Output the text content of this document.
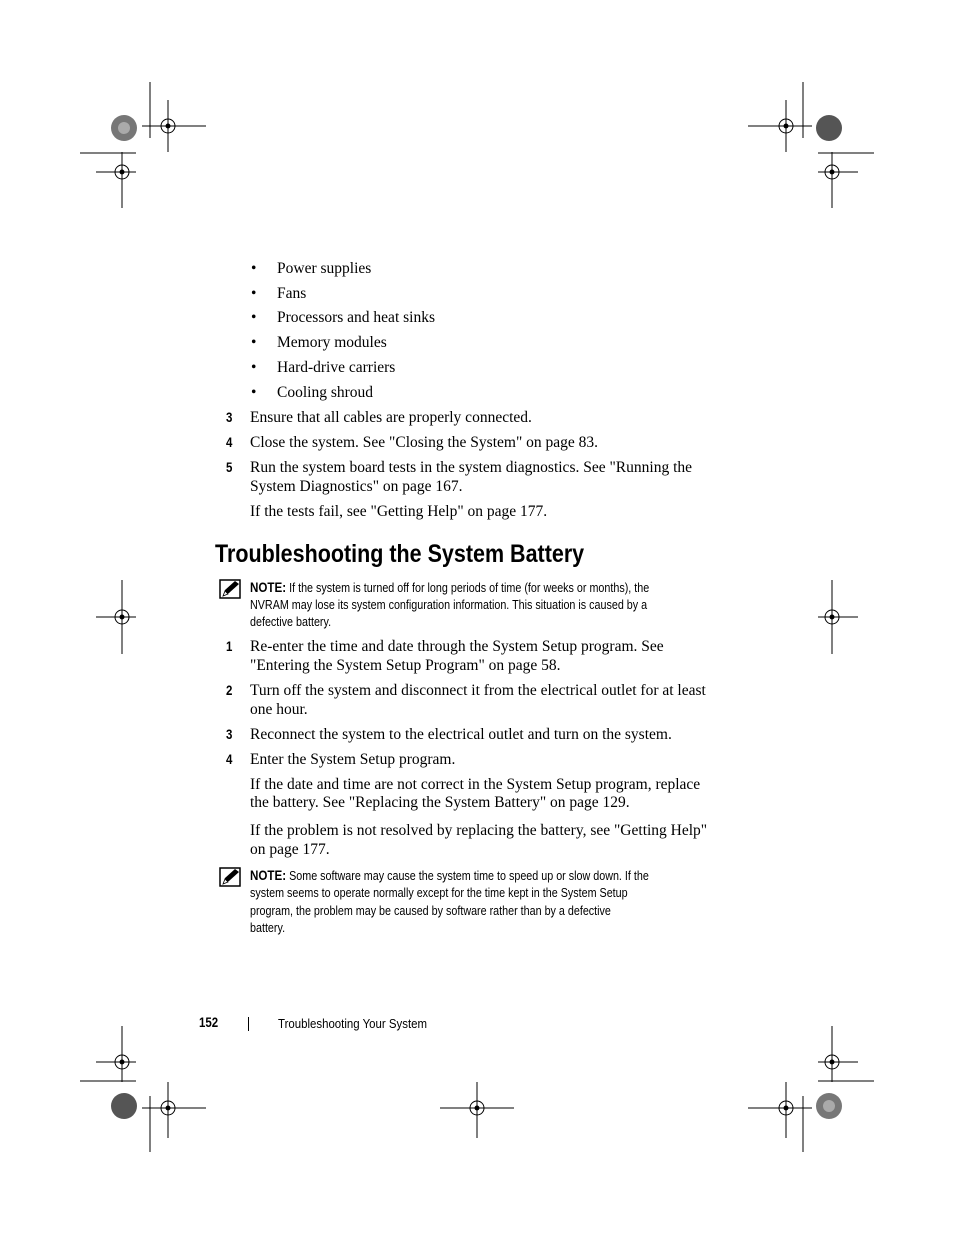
• Power supplies
• Fans
• Processors and heat sinks
• Memory modules
• Hard-drive carriers
• Cooling shroud
3 Ensure that all cables are properly connected.
4 Close the system. See "Closing the System" on page 83.
5 Run the system board tests in the system diagnostics. See "Running the
System Diagnostics" on page 167.
If the tests fail, see "Getting Help" on page 177.
Troubleshooting the System Battery
NOTE: If the system is turned off for long periods of time (for weeks or months), the
NVRAM may lose its system configuration information. This situation is caused by a
defective battery.
1 Re-enter the time and date through the System Setup program. See
"Entering the System Setup Program" on page 58.
2 Turn off the system and disconnect it from the electrical outlet for at least
one hour.
3 Reconnect the system to the electrical outlet and turn on the system.
4 Enter the System Setup program.
If the date and time are not correct in the System Setup program, replace
the battery. See "Replacing the System Battery" on page 129.
If the problem is not resolved by replacing the battery, see "Getting Help"
on page 177.
NOTE: Some software may cause the system time to speed up or slow down. If the
system seems to operate normally except for the time kept in the System Setup
program, the problem may be caused by software rather than by a defective
battery.
152	Troubleshooting Your System
